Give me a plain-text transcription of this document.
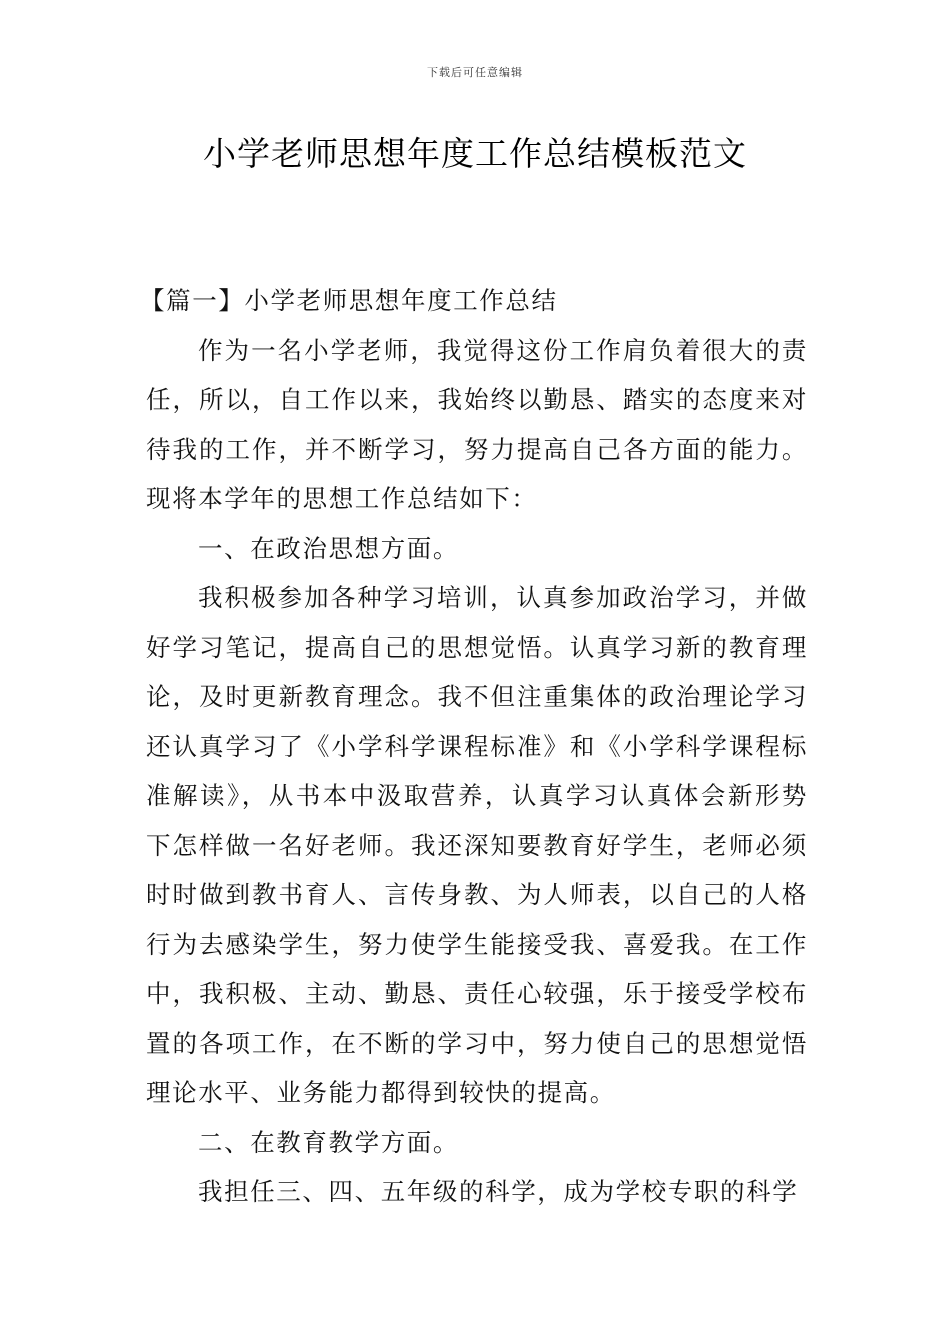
下载后可任意编辑
小学老师思想年度工作总结模板范文

【篇一】小学老师思想年度工作总结

作为一名小学老师，我觉得这份工作肩负着很大的责任，所以，自工作以来，我始终以勤恳、踏实的态度来对待我的工作，并不断学习，努力提高自己各方面的能力。现将本学年的思想工作总结如下：

一、在政治思想方面。

我积极参加各种学习培训，认真参加政治学习，并做好学习笔记，提高自己的思想觉悟。认真学习新的教育理论，及时更新教育理念。我不但注重集体的政治理论学习还认真学习了《小学科学课程标准》和《小学科学课程标准解读》，从书本中汲取营养，认真学习认真体会新形势下怎样做一名好老师。我还深知要教育好学生，老师必须时时做到教书育人、言传身教、为人师表，以自己的人格行为去感染学生，努力使学生能接受我、喜爱我。在工作中，我积极、主动、勤恳、责任心较强，乐于接受学校布置的各项工作，在不断的学习中，努力使自己的思想觉悟理论水平、业务能力都得到较快的提高。

二、在教育教学方面。

我担任三、四、五年级的科学，成为学校专职的科学
